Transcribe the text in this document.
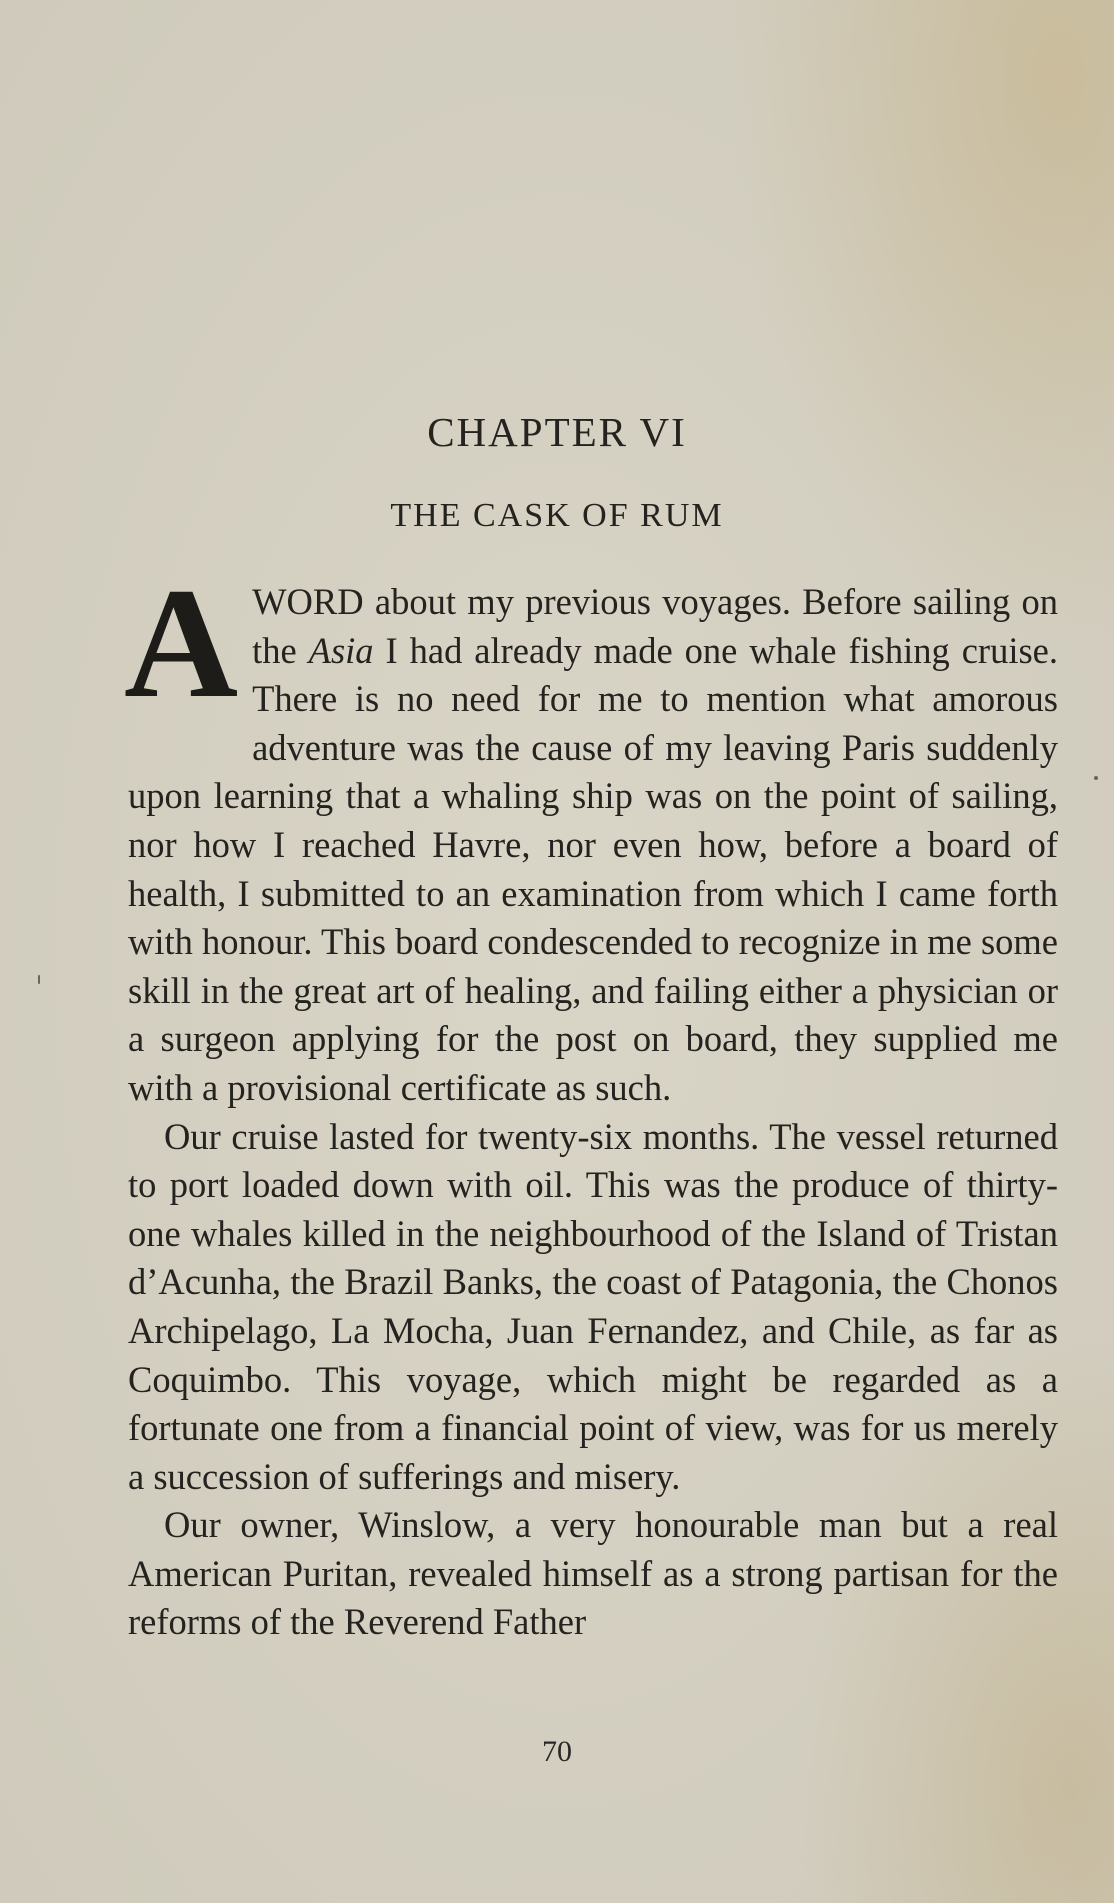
CHAPTER VI
THE CASK OF RUM

AWORD about my previous voyages. Before sailing on the Asia I had already made one whale fishing cruise. There is no need for me to mention what amorous adventure was the cause of my leaving Paris suddenly upon learning that a whaling ship was on the point of sailing, nor how I reached Havre, nor even how, before a board of health, I submitted to an examination from which I came forth with honour. This board condescended to recognize in me some skill in the great art of healing, and failing either a physician or a surgeon applying for the post on board, they supplied me with a provisional certificate as such.

Our cruise lasted for twenty-six months. The vessel returned to port loaded down with oil. This was the produce of thirty-one whales killed in the neighbourhood of the Island of Tristan d’Acunha, the Brazil Banks, the coast of Patagonia, the Chonos Archipelago, La Mocha, Juan Fernandez, and Chile, as far as Coquimbo. This voyage, which might be regarded as a fortunate one from a financial point of view, was for us merely a succession of sufferings and misery.

Our owner, Winslow, a very honourable man but a real American Puritan, revealed himself as a strong partisan for the reforms of the Reverend Father

70
